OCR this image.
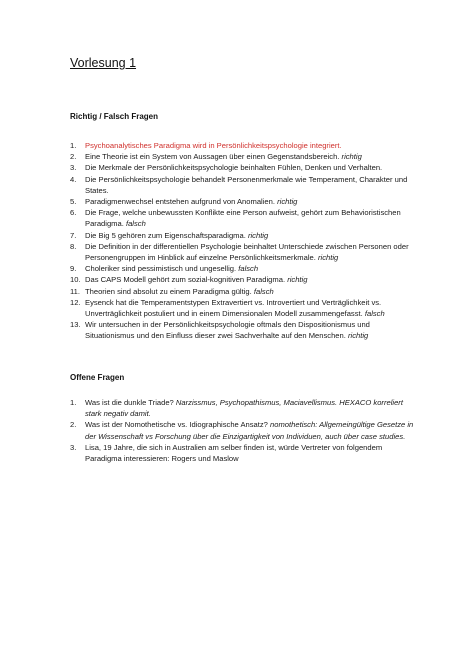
Vorlesung 1
Richtig / Falsch Fragen
1. Psychoanalytisches Paradigma wird in Persönlichkeitspsychologie integriert.
2. Eine Theorie ist ein System von Aussagen über einen Gegenstandsbereich. richtig
3. Die Merkmale der Persönlichkeitspsychologie beinhalten Fühlen, Denken und Verhalten.
4. Die Persönlichkeitspsychologie behandelt Personenmerkmale wie Temperament, Charakter und States.
5. Paradigmenwechsel entstehen aufgrund von Anomalien. richtig
6. Die Frage, welche unbewussten Konflikte eine Person aufweist, gehört zum Behavioristischen Paradigma. falsch
7. Die Big 5 gehören zum Eigenschaftsparadigma. richtig
8. Die Definition in der differentiellen Psychologie beinhaltet Unterschiede zwischen Personen oder Personengruppen im Hinblick auf einzelne Persönlichkeitsmerkmale. richtig
9. Choleriker sind pessimistisch und ungesellig. falsch
10. Das CAPS Modell gehört zum sozial-kognitiven Paradigma. richtig
11. Theorien sind absolut zu einem Paradigma gültig. falsch
12. Eysenck hat die Temperamentstypen Extravertiert vs. Introvertiert und Verträglichkeit vs. Unverträglichkeit postuliert und in einem Dimensionalen Modell zusammengefasst. falsch
13. Wir untersuchen in der Persönlichkeitspsychologie oftmals den Dispositionismus und Situationismus und den Einfluss dieser zwei Sachverhalte auf den Menschen. richtig
Offene Fragen
1. Was ist die dunkle Triade? Narzissmus, Psychopathismus, Maciavellismus. HEXACO korreliert stark negativ damit.
2. Was ist der Nomothetische vs. Idiographische Ansatz? nomothetisch: Allgemeingültige Gesetze in der Wissenschaft vs Forschung über die Einzigartigkeit von Individuen, auch über case studies.
3. Lisa, 19 Jahre, die sich in Australien am selber finden ist, würde Vertreter von folgendem Paradigma interessieren: Rogers und Maslow
